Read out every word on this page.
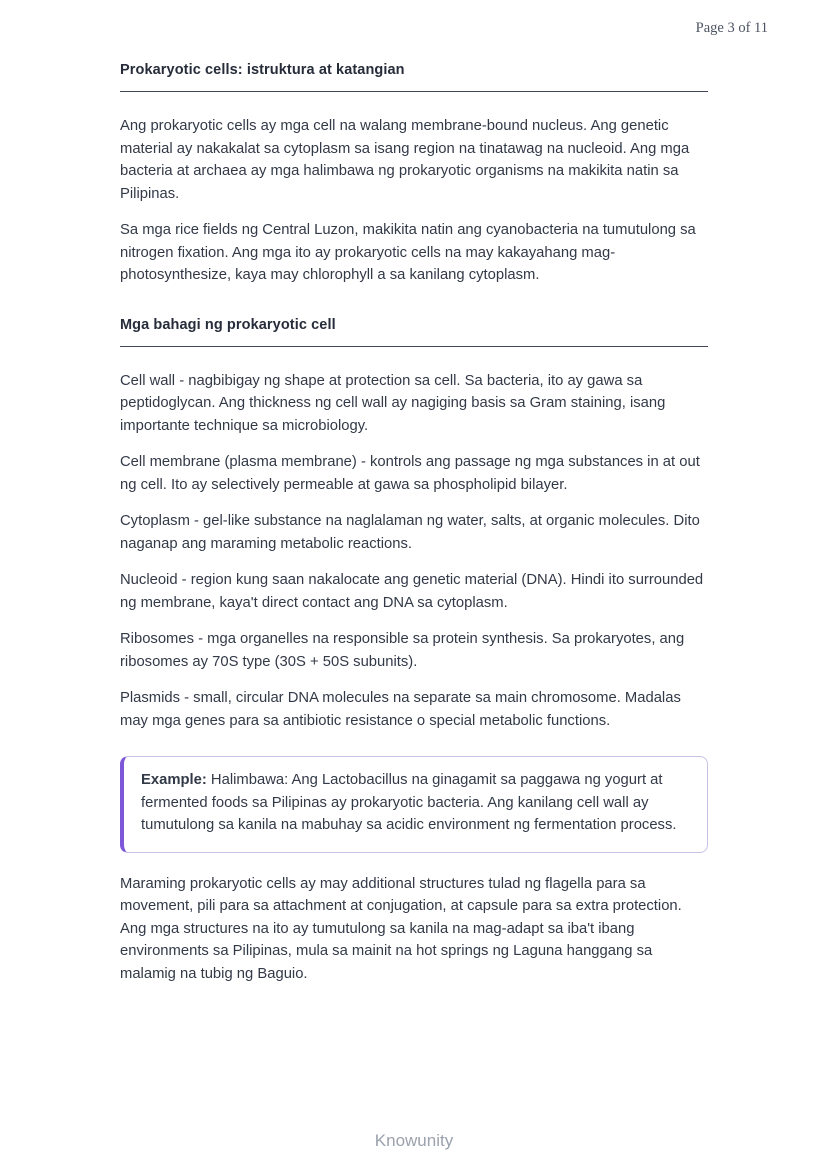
Page 3 of 11
Prokaryotic cells: istruktura at katangian

Ang prokaryotic cells ay mga cell na walang membrane-bound nucleus. Ang genetic material ay nakakalat sa cytoplasm sa isang region na tinatawag na nucleoid. Ang mga bacteria at archaea ay mga halimbawa ng prokaryotic organisms na makikita natin sa Pilipinas.

Sa mga rice fields ng Central Luzon, makikita natin ang cyanobacteria na tumutulong sa nitrogen fixation. Ang mga ito ay prokaryotic cells na may kakayahang mag-photosynthesize, kaya may chlorophyll a sa kanilang cytoplasm.

Mga bahagi ng prokaryotic cell

Cell wall - nagbibigay ng shape at protection sa cell. Sa bacteria, ito ay gawa sa peptidoglycan. Ang thickness ng cell wall ay nagiging basis sa Gram staining, isang importante technique sa microbiology.

Cell membrane (plasma membrane) - kontrols ang passage ng mga substances in at out ng cell. Ito ay selectively permeable at gawa sa phospholipid bilayer.

Cytoplasm - gel-like substance na naglalaman ng water, salts, at organic molecules. Dito naganap ang maraming metabolic reactions.

Nucleoid - region kung saan nakalocate ang genetic material (DNA). Hindi ito surrounded ng membrane, kaya't direct contact ang DNA sa cytoplasm.

Ribosomes - mga organelles na responsible sa protein synthesis. Sa prokaryotes, ang ribosomes ay 70S type (30S + 50S subunits).

Plasmids - small, circular DNA molecules na separate sa main chromosome. Madalas may mga genes para sa antibiotic resistance o special metabolic functions.

Example: Halimbawa: Ang Lactobacillus na ginagamit sa paggawa ng yogurt at fermented foods sa Pilipinas ay prokaryotic bacteria. Ang kanilang cell wall ay tumutulong sa kanila na mabuhay sa acidic environment ng fermentation process.

Maraming prokaryotic cells ay may additional structures tulad ng flagella para sa movement, pili para sa attachment at conjugation, at capsule para sa extra protection. Ang mga structures na ito ay tumutulong sa kanila na mag-adapt sa iba't ibang environments sa Pilipinas, mula sa mainit na hot springs ng Laguna hanggang sa malamig na tubig ng Baguio.

Knowunity
